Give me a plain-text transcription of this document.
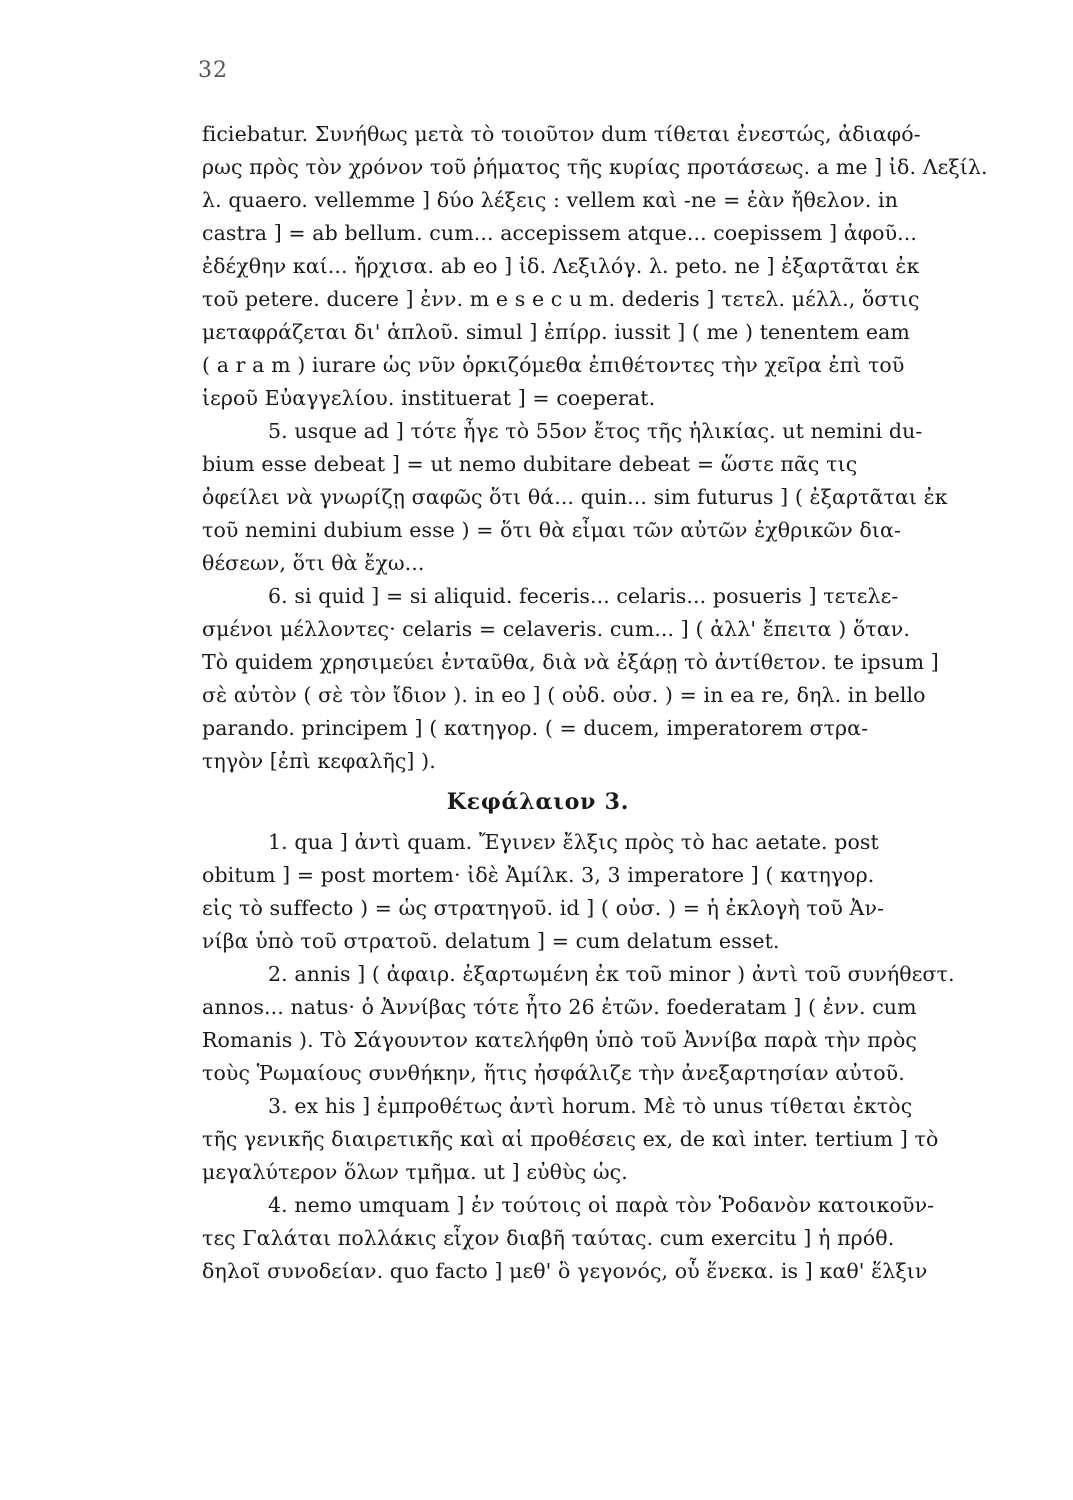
32
ficiebatur. Συνήθως μετὰ τὸ τοιοῦτον dum τίθεται ἐνεστώς, ἀδιαφό-
ρως πρὸς τὸν χρόνον τοῦ ῥήματος τῆς κυρίας προτάσεως. a me ] ἰδ. Λεξίλ.
λ. quaero. vellemme ] δύο λέξεις : vellem καὶ -ne = ἐὰν ἤθελον. in
castra ] = ab bellum. cum... accepissem atque... coepissem ] ἀφοῦ...
ἐδέχθην καί... ἤρχισα. ab eo ] ἰδ. Λεξιλόγ. λ. peto. ne ] ἐξαρτᾶται ἐκ
τοῦ petere. ducere ] ἐνν. m e s e c u m. dederis ] τετελ. μέλλ., ὅστις
μεταφράζεται δι' ἁπλοῦ. simul ] ἐπίρρ. iussit ] ( me ) tenentem eam
( a r a m ) iurare ὡς νῦν ὁρκιζόμεθα ἐπιθέτοντες τὴν χεῖρα ἐπὶ τοῦ
ἱεροῦ Εὐαγγελίου. instituerat ] = coeperat.
5. usque ad ] τότε ἦγε τὸ 55ον ἔτος τῆς ἡλικίας. ut nemini du-
bium esse debeat ] = ut nemo dubitare debeat = ὥστε πᾶς τις
ὀφείλει νὰ γνωρίζῃ σαφῶς ὅτι θά... quin... sim futurus ] ( ἐξαρτᾶται ἐκ
τοῦ nemini dubium esse ) = ὅτι θὰ εἶμαι τῶν αὐτῶν ἐχθρικῶν δια-
θέσεων, ὅτι θὰ ἔχω...
6. si quid ] = si aliquid. feceris... celaris... posueris ] τετελε-
σμένοι μέλλοντες· celaris = celaveris. cum... ] ( ἀλλ' ἔπειτα ) ὅταν.
Τὸ quidem χρησιμεύει ἐνταῦθα, διὰ νὰ ἐξάρῃ τὸ ἀντίθετον. te ipsum ]
σὲ αὐτὸν ( σὲ τὸν ἴδιον ). in eo ] ( οὐδ. οὐσ. ) = in ea re, δηλ. in bello
parando. principem ] ( κατηγορ. ( = ducem, imperatorem στρα-
τηγὸν [ἐπὶ κεφαλῆς] ).
Κεφάλαιον 3.
1. qua ] ἀντὶ quam. Ἔγινεν ἔλξις πρὸς τὸ hac aetate. post
obitum ] = post mortem· ἰδὲ Ἀμίλκ. 3, 3 imperatore ] ( κατηγορ.
εἰς τὸ suffecto ) = ὡς στρατηγοῦ. id ] ( οὐσ. ) = ἡ ἐκλογὴ τοῦ Ἀν-
νίβα ὑπὸ τοῦ στρατοῦ. delatum ] = cum delatum esset.
2. annis ] ( ἀφαιρ. ἐξαρτωμένη ἐκ τοῦ minor ) ἀντὶ τοῦ συνήθεστ.
annos... natus· ὁ Ἀννίβας τότε ἦτο 26 ἐτῶν. foederatam ] ( ἐνν. cum
Romanis ). Τὸ Σάγουντον κατελήφθη ὑπὸ τοῦ Ἀννίβα παρὰ τὴν πρὸς
τοὺς Ῥωμαίους συνθήκην, ἥτις ἠσφάλιζε τὴν ἀνεξαρτησίαν αὐτοῦ.
3. ex his ] ἐμπροθέτως ἀντὶ horum. Μὲ τὸ unus τίθεται ἐκτὸς
τῆς γενικῆς διαιρετικῆς καὶ αἱ προθέσεις ex, de καὶ inter. tertium ] τὸ
μεγαλύτερον ὅλων τμῆμα. ut ] εὐθὺς ὡς.
4. nemo umquam ] ἐν τούτοις οἱ παρὰ τὸν Ῥοδανὸν κατοικοῦν-
τες Γαλάται πολλάκις εἶχον διαβῆ ταύτας. cum exercitu ] ἡ πρόθ.
δηλοῖ συνοδείαν. quo facto ] μεθ' ὃ γεγονός, οὗ ἕνεκα. is ] καθ' ἕλξιν
